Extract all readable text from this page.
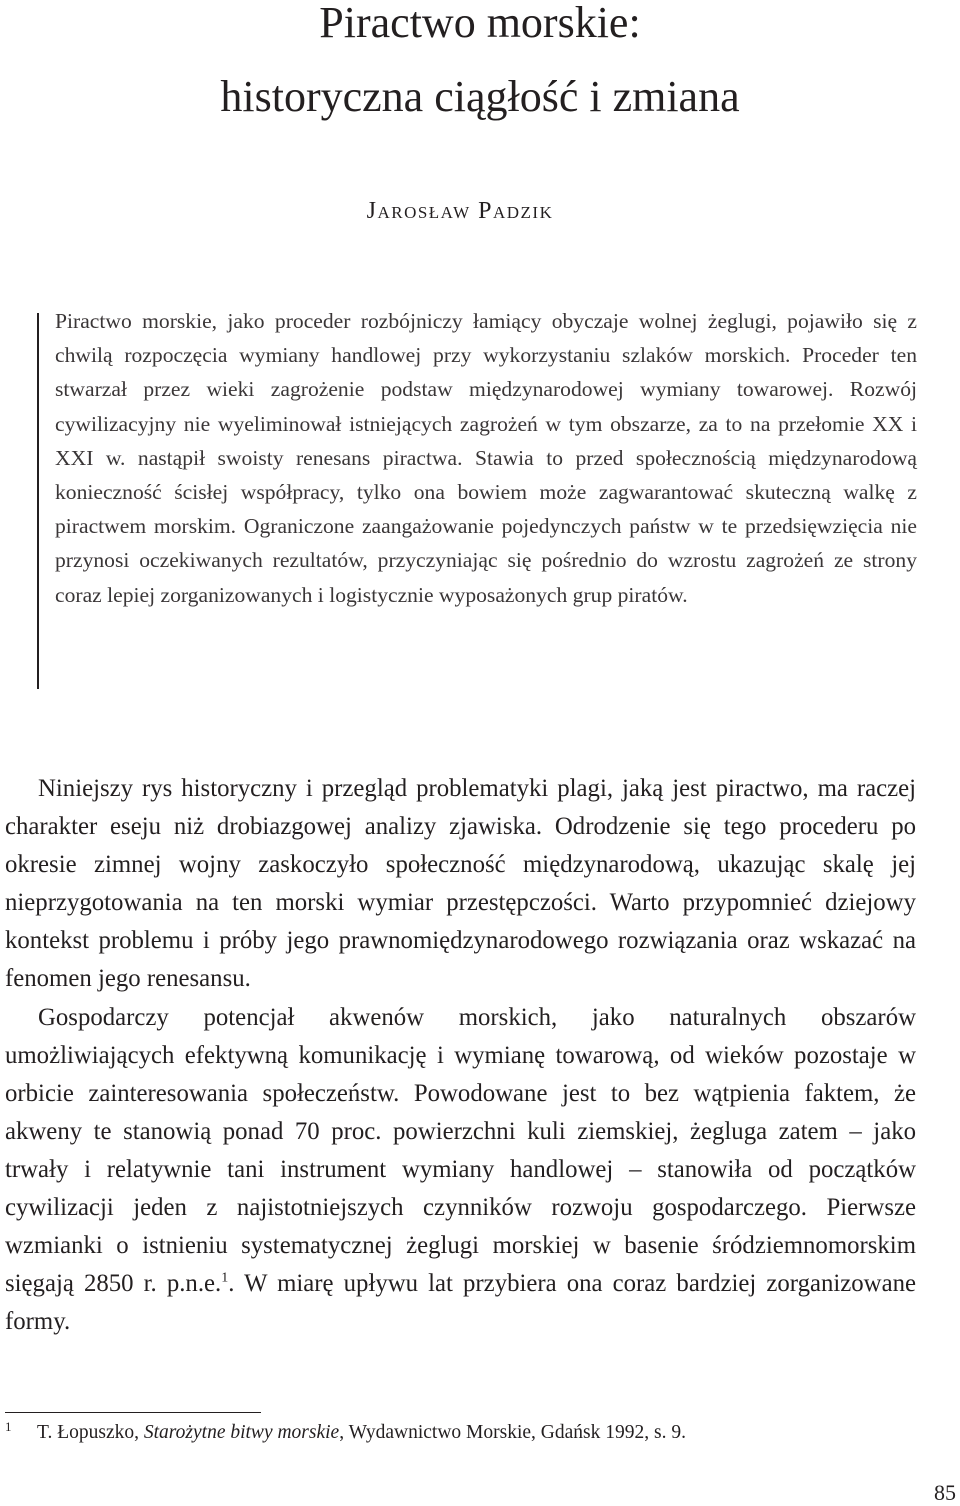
Piractwo morskie:
historyczna ciągłość i zmiana
Jarosław Padzik

Piractwo morskie, jako proceder rozbójniczy łamiący obyczaje wolnej żeglugi, pojawiło się z chwilą rozpoczęcia wymiany handlowej przy wykorzystaniu szlaków morskich. Proceder ten stwarzał przez wieki zagrożenie podstaw międzynarodowej wymiany towarowej. Rozwój cywilizacyjny nie wyeliminował istniejących zagrożeń w tym obszarze, za to na przełomie XX i XXI w. nastąpił swoisty renesans piractwa. Stawia to przed społecznością międzynarodową konieczność ścisłej współpracy, tylko ona bowiem może zagwarantować skuteczną walkę z piractwem morskim. Ograniczone zaangażowanie pojedynczych państw w te przedsięwzięcia nie przynosi oczekiwanych rezultatów, przyczyniając się pośrednio do wzrostu zagrożeń ze strony coraz lepiej zorganizowanych i logistycznie wyposażonych grup piratów.

Niniejszy rys historyczny i przegląd problematyki plagi, jaką jest piractwo, ma raczej charakter eseju niż drobiazgowej analizy zjawiska. Odrodzenie się tego procederu po okresie zimnej wojny zaskoczyło społeczność międzynarodową, ukazując skalę jej nieprzygotowania na ten morski wymiar przestępczości. Warto przypomnieć dziejowy kontekst problemu i próby jego prawnomiędzynarodowego rozwiązania oraz wskazać na fenomen jego renesansu.

Gospodarczy potencjał akwenów morskich, jako naturalnych obszarów umożliwiających efektywną komunikację i wymianę towarową, od wieków pozostaje w orbicie zainteresowania społeczeństw. Powodowane jest to bez wątpienia faktem, że akweny te stanowią ponad 70 proc. powierzchni kuli ziemskiej, żegluga zatem – jako trwały i relatywnie tani instrument wymiany handlowej – stanowiła od początków cywilizacji jeden z najistotniejszych czynników rozwoju gospodarczego. Pierwsze wzmianki o istnieniu systematycznej żeglugi morskiej w basenie śródziemnomorskim sięgają 2850 r. p.n.e.$^1$. W miarę upływu lat przybiera ona coraz bardziej zorganizowane formy.

1 T. Łopuszko, Starożytne bitwy morskie, Wydawnictwo Morskie, Gdańsk 1992, s. 9.
85
